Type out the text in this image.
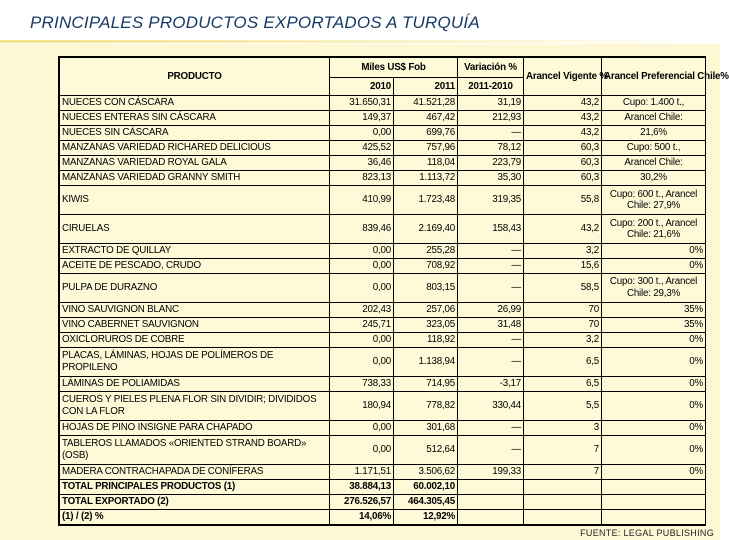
PRINCIPALES PRODUCTOS EXPORTADOS A TURQUÍA
PRODUCTO	Miles US$ Fob		Variación %	Arancel Vigente %	Arancel Preferencial Chile%
	2010	2011	2011-2010		
NUECES CON CÁSCARA	31.650,31	41.521,28	31,19	43,2	Cupo: 1.400 t.,
NUECES ENTERAS SIN CÁSCARA	149,37	467,42	212,93	43,2	Arancel Chile:
NUECES SIN CÁSCARA	0,00	699,76	—	43,2	21,6%
MANZANAS VARIEDAD RICHARED DELICIOUS	425,52	757,96	78,12	60,3	Cupo: 500 t.,
MANZANAS VARIEDAD ROYAL GALA	36,46	118,04	223,79	60,3	Arancel Chile:
MANZANAS VARIEDAD GRANNY SMITH	823,13	1.113,72	35,30	60,3	30,2%
KIWIS	410,99	1.723,48	319,35	55,8	Cupo: 600 t., Arancel Chile: 27,9%
CIRUELAS	839,46	2.169,40	158,43	43,2	Cupo: 200 t., Arancel Chile: 21,6%
EXTRACTO DE QUILLAY	0,00	255,28	—	3,2	0%
ACEITE DE PESCADO, CRUDO	0,00	708,92	—	15,6	0%
PULPA DE DURAZNO	0,00	803,15	—	58,5	Cupo: 300 t., Arancel Chile: 29,3%
VINO SAUVIGNON BLANC	202,43	257,06	26,99	70	35%
VINO CABERNET SAUVIGNON	245,71	323,05	31,48	70	35%
OXICLORUROS DE COBRE	0,00	118,92	—	3,2	0%
PLACAS, LÁMINAS, HOJAS DE POLÍMEROS DE PROPILENO	0,00	1.138,94	—	6,5	0%
LÁMINAS DE POLIAMIDAS	738,33	714,95	-3,17	6,5	0%
CUEROS Y PIELES PLENA FLOR SIN DIVIDIR; DIVIDIDOS CON LA FLOR	180,94	778,82	330,44	5,5	0%
HOJAS DE PINO INSIGNE PARA CHAPADO	0,00	301,68	—	3	0%
TABLEROS LLAMADOS «ORIENTED STRAND BOARD» (OSB)	0,00	512,64	—	7	0%
MADERA CONTRACHAPADA DE CONÍFERAS	1.171,51	3.506,62	199,33	7	0%
TOTAL PRINCIPALES PRODUCTOS (1)	38.884,13	60.002,10			
TOTAL EXPORTADO (2)	276.526,57	464.305,45			
(1) / (2) %	14,06%	12,92%			
FUENTE: LEGAL PUBLISHING
